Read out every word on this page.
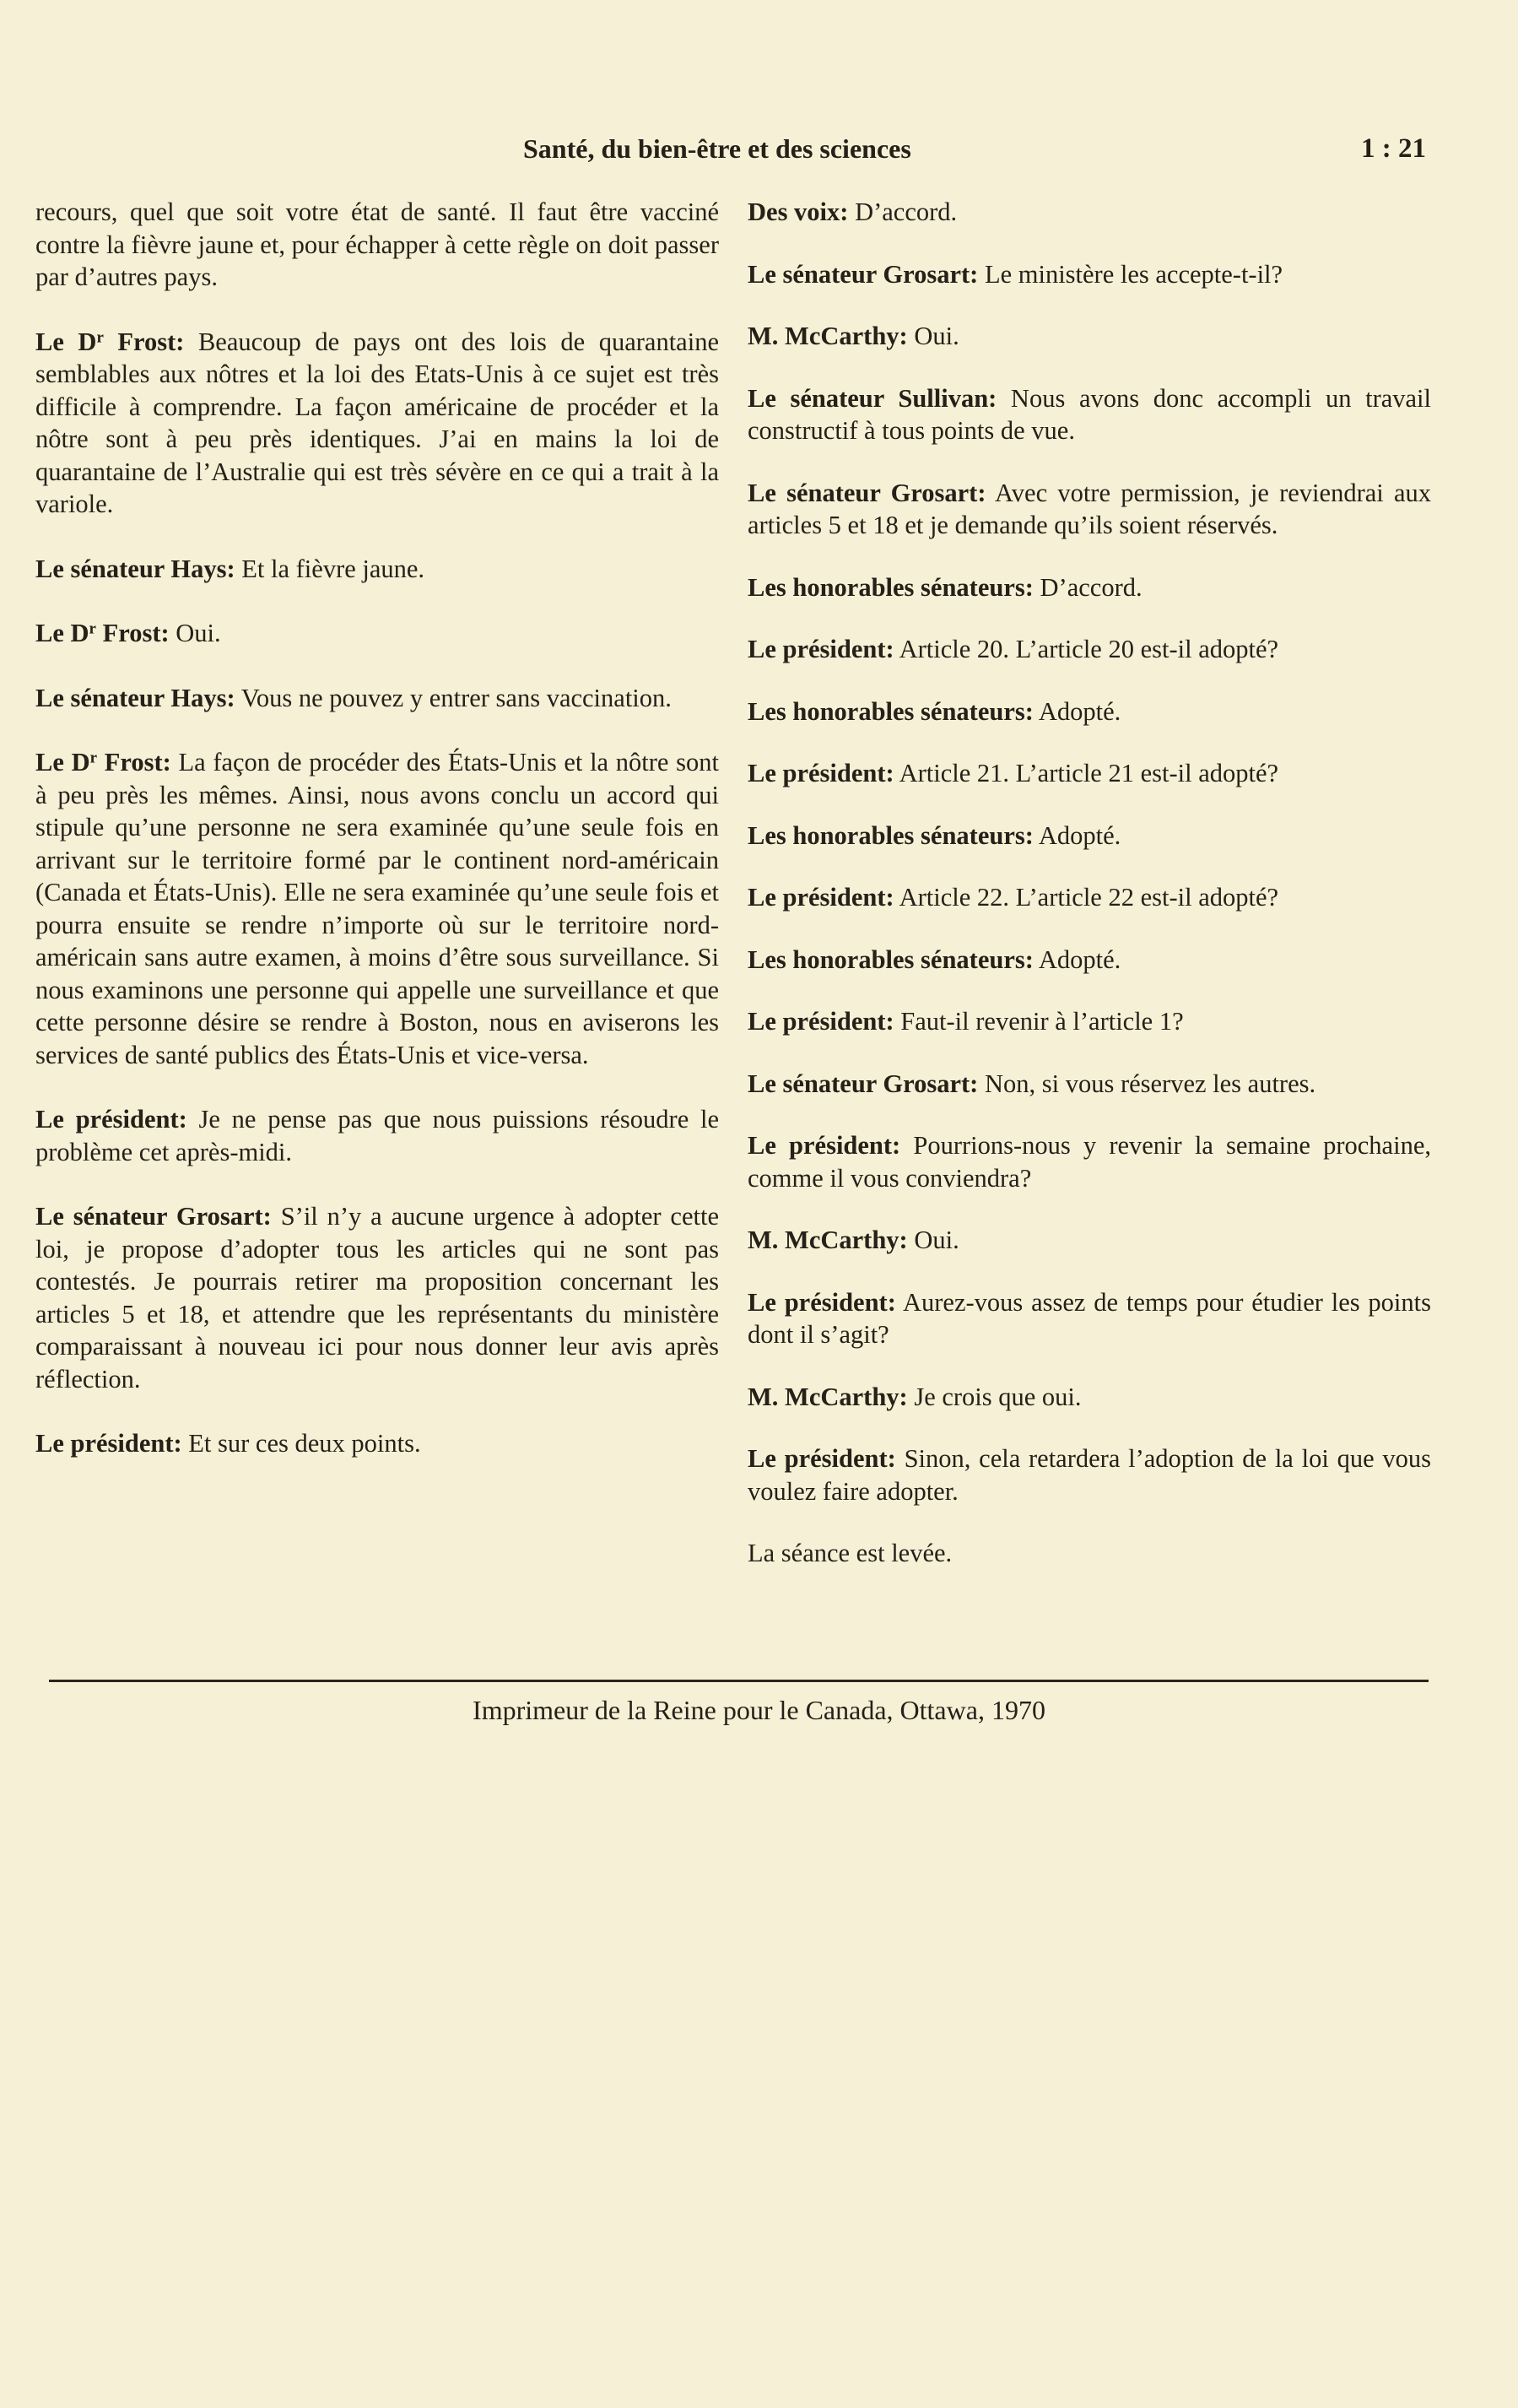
Santé, du bien-être et des sciences	1 : 21

recours, quel que soit votre état de santé. Il faut être vacciné contre la fièvre jaune et, pour échapper à cette règle on doit passer par d’autres pays.

Le $D^r$ Frost: Beaucoup de pays ont des lois de quarantaine semblables aux nôtres et la loi des Etats-Unis à ce sujet est très difficile à comprendre. La façon américaine de procéder et la nôtre sont à peu près identiques. J’ai en mains la loi de quarantaine de l’Australie qui est très sévère en ce qui a trait à la variole.

Le sénateur Hays: Et la fièvre jaune.

Le $D^r$ Frost: Oui.

Le sénateur Hays: Vous ne pouvez y entrer sans vaccination.

Le $D^r$ Frost: La façon de procéder des États-Unis et la nôtre sont à peu près les mêmes. Ainsi, nous avons conclu un accord qui stipule qu’une personne ne sera examinée qu’une seule fois en arrivant sur le territoire formé par le continent nord-américain (Canada et États-Unis). Elle ne sera examinée qu’une seule fois et pourra ensuite se rendre n’importe où sur le territoire nord-américain sans autre examen, à moins d’être sous surveillance. Si nous examinons une personne qui appelle une surveillance et que cette personne désire se rendre à Boston, nous en aviserons les services de santé publics des États-Unis et vice-versa.

Le président: Je ne pense pas que nous puissions résoudre le problème cet après-midi.

Le sénateur Grosart: S’il n’y a aucune urgence à adopter cette loi, je propose d’adopter tous les articles qui ne sont pas contestés. Je pourrais retirer ma proposition concernant les articles 5 et 18, et attendre que les représentants du ministère comparaissant à nouveau ici pour nous donner leur avis après réflection.

Le président: Et sur ces deux points.

Des voix: D’accord.

Le sénateur Grosart: Le ministère les accepte-t-il?

M. McCarthy: Oui.

Le sénateur Sullivan: Nous avons donc accompli un travail constructif à tous points de vue.

Le sénateur Grosart: Avec votre permission, je reviendrai aux articles 5 et 18 et je demande qu’ils soient réservés.

Les honorables sénateurs: D’accord.

Le président: Article 20. L’article 20 est-il adopté?

Les honorables sénateurs: Adopté.

Le président: Article 21. L’article 21 est-il adopté?

Les honorables sénateurs: Adopté.

Le président: Article 22. L’article 22 est-il adopté?

Les honorables sénateurs: Adopté.

Le président: Faut-il revenir à l’article 1?

Le sénateur Grosart: Non, si vous réservez les autres.

Le président: Pourrions-nous y revenir la semaine prochaine, comme il vous conviendra?

M. McCarthy: Oui.

Le président: Aurez-vous assez de temps pour étudier les points dont il s’agit?

M. McCarthy: Je crois que oui.

Le président: Sinon, cela retardera l’adoption de la loi que vous voulez faire adopter.

La séance est levée.

Imprimeur de la Reine pour le Canada, Ottawa, 1970
